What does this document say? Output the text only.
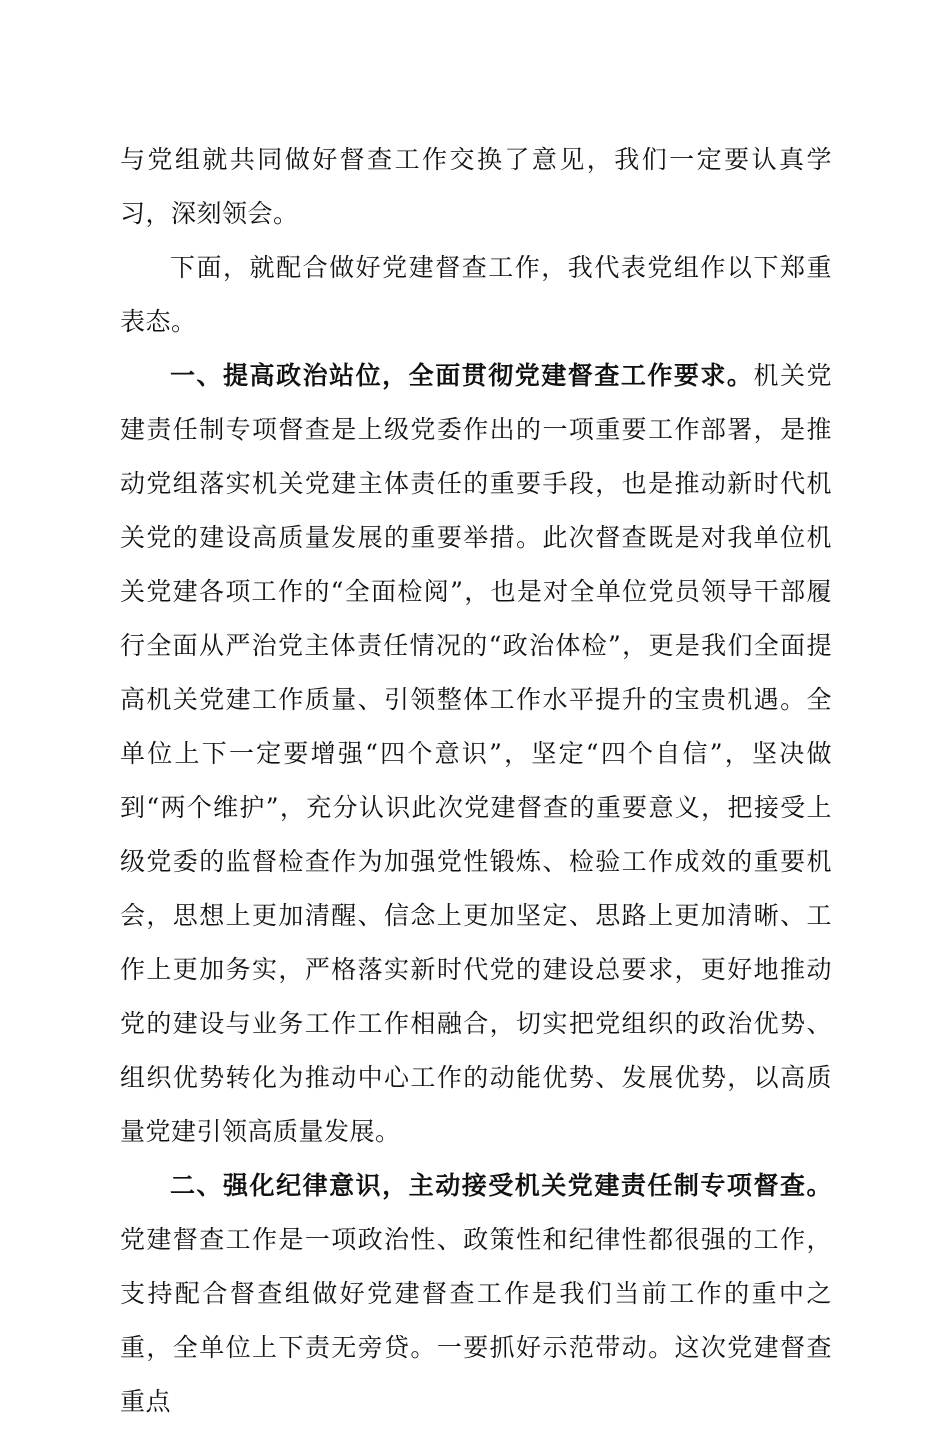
与党组就共同做好督查工作交换了意见，我们一定要认真学习，深刻领会。

下面，就配合做好党建督查工作，我代表党组作以下郑重表态。

一、提高政治站位，全面贯彻党建督查工作要求。机关党建责任制专项督查是上级党委作出的一项重要工作部署，是推动党组落实机关党建主体责任的重要手段，也是推动新时代机关党的建设高质量发展的重要举措。此次督查既是对我单位机关党建各项工作的“全面检阅”，也是对全单位党员领导干部履行全面从严治党主体责任情况的“政治体检”，更是我们全面提高机关党建工作质量、引领整体工作水平提升的宝贵机遇。全单位上下一定要增强“四个意识”，坚定“四个自信”，坚决做到“两个维护”，充分认识此次党建督查的重要意义，把接受上级党委的监督检查作为加强党性锻炼、检验工作成效的重要机会，思想上更加清醒、信念上更加坚定、思路上更加清晰、工作上更加务实，严格落实新时代党的建设总要求，更好地推动党的建设与业务工作工作相融合，切实把党组织的政治优势、组织优势转化为推动中心工作的动能优势、发展优势，以高质量党建引领高质量发展。

二、强化纪律意识，主动接受机关党建责任制专项督查。党建督查工作是一项政治性、政策性和纪律性都很强的工作，支持配合督查组做好党建督查工作是我们当前工作的重中之重，全单位上下责无旁贷。一要抓好示范带动。这次党建督查重点
